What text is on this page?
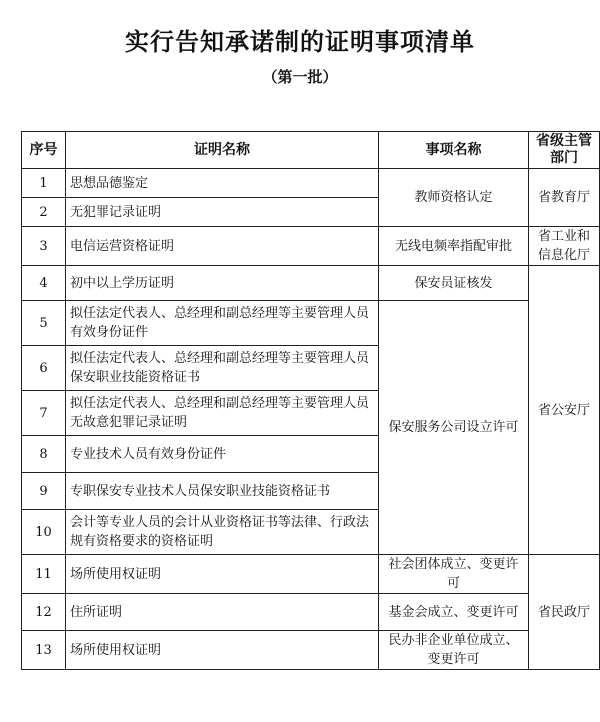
实行告知承诺制的证明事项清单
（第一批）
序号	证明名称	事项名称	省级主管部门
1	思想品德鉴定	教师资格认定	省教育厅
2	无犯罪记录证明		
3	电信运营资格证明	无线电频率指配审批	省工业和信息化厅
4	初中以上学历证明	保安员证核发	省公安厅
5	拟任法定代表人、总经理和副总经理等主要管理人员有效身份证件	保安服务公司设立许可	
6	拟任法定代表人、总经理和副总经理等主要管理人员保安职业技能资格证书		
7	拟任法定代表人、总经理和副总经理等主要管理人员无故意犯罪记录证明		
8	专业技术人员有效身份证件		
9	专职保安专业技术人员保安职业技能资格证书		
10	会计等专业人员的会计从业资格证书等法律、行政法规有资格要求的资格证明		
11	场所使用权证明	社会团体成立、变更许可	省民政厅
12	住所证明	基金会成立、变更许可	
13	场所使用权证明	民办非企业单位成立、变更许可	
